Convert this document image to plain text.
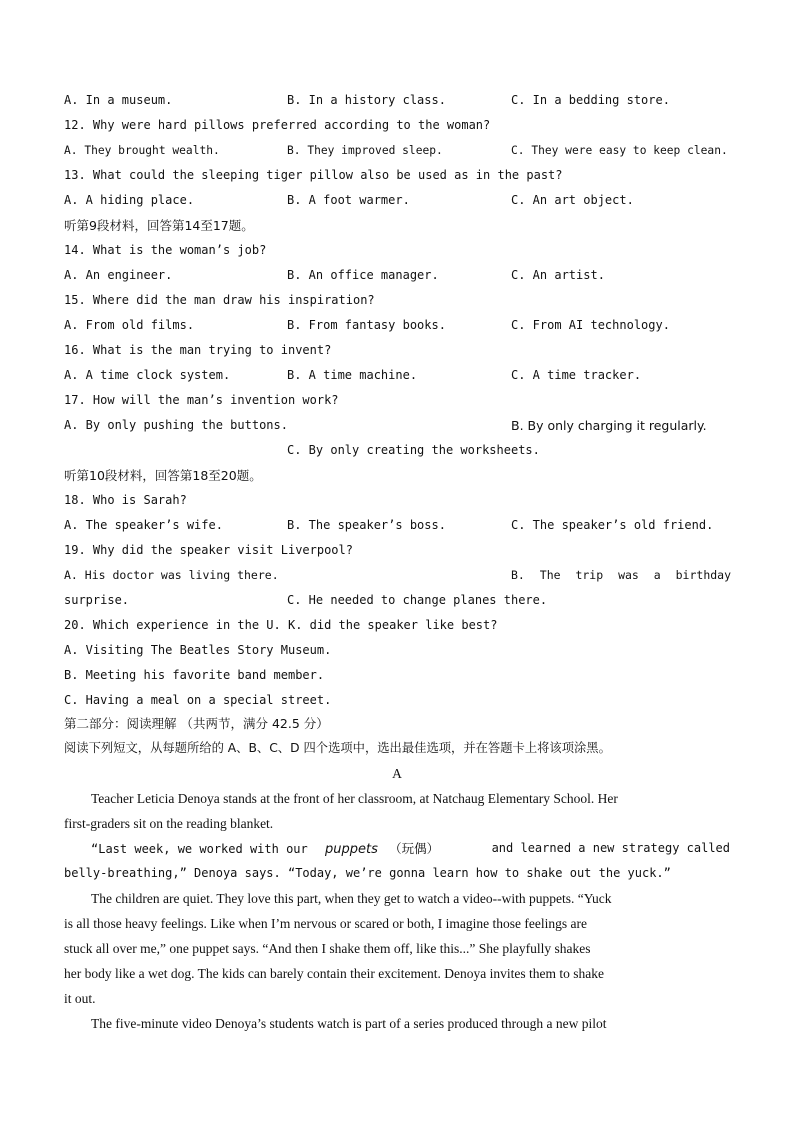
A. In a museum.	B. In a history class.	C. In a bedding store.
12. Why were hard pillows preferred according to the woman?
A. They brought wealth.	B. They improved sleep.	C. They were easy to keep clean.
13. What could the sleeping tiger pillow also be used as in the past?
A. A hiding place.	B. A foot warmer.	C. An art object.
听第9段材料，回答第14至17题。
14. What is the woman’s job?
A. An engineer.	B. An office manager.	C. An artist.
15. Where did the man draw his inspiration?
A. From old films.	B. From fantasy books.	C. From AI technology.
16. What is the man trying to invent?
A. A time clock system.	B. A time machine.	C. A time tracker.
17. How will the man’s invention work?
A. By only pushing the buttons.	B. By only charging it regularly.
C. By only creating the worksheets.
听第10段材料，回答第18至20题。
18. Who is Sarah?
A. The speaker’s wife.	B. The speaker’s boss.	C. The speaker’s old friend.
19. Why did the speaker visit Liverpool?
A. His doctor was living there.	B. The trip was a birthday
surprise.	C. He needed to change planes there.
20. Which experience in the U. K. did the speaker like best?
A. Visiting The Beatles Story Museum.
B. Meeting his favorite band member.
C. Having a meal on a special street.
第二部分：阅读理解 （共两节，满分 42.5 分）
阅读下列短文，从每题所给的 A、B、C、D 四个选项中，选出最佳选项，并在答题卡上将该项涂黑。
A
Teacher Leticia Denoya stands at the front of her classroom, at Natchaug Elementary School. Her
first-graders sit on the reading blanket.
“Last week, we worked with our puppets （玩偶）	and learned a new strategy called
belly-breathing,” Denoya says. “Today, we’re gonna learn how to shake out the yuck.”
The children are quiet. They love this part, when they get to watch a video--with puppets. “Yuck
is all those heavy feelings. Like when I’m nervous or scared or both, I imagine those feelings are
stuck all over me,” one puppet says. “And then I shake them off, like this...” She playfully shakes
her body like a wet dog. The kids can barely contain their excitement. Denoya invites them to shake
it out.
The five-minute video Denoya’s students watch is part of a series produced through a new pilot
